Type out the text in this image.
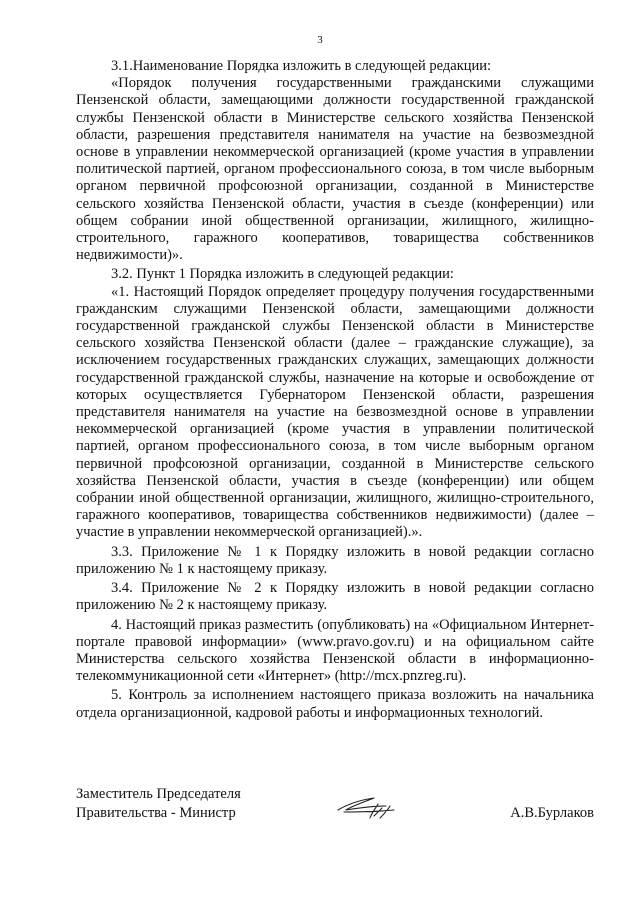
3

3.1.Наименование Порядка изложить в следующей редакции:

«Порядок получения государственными гражданскими служащими Пензенской области, замещающими должности государственной гражданской службы Пензенской области в Министерстве сельского хозяйства Пензенской области, разрешения представителя нанимателя на участие на безвозмездной основе в управлении некоммерческой организацией (кроме участия в управлении политической партией, органом профессионального союза, в том числе выборным органом первичной профсоюзной организации, созданной в Министерстве сельского хозяйства Пензенской области, участия в съезде (конференции) или общем собрании иной общественной организации, жилищного, жилищно-строительного, гаражного кооперативов, товарищества собственников недвижимости)».

3.2. Пункт 1 Порядка изложить в следующей редакции:

«1. Настоящий Порядок определяет процедуру получения государственными гражданским служащими Пензенской области, замещающими должности государственной гражданской службы Пензенской области в Министерстве сельского хозяйства Пензенской области (далее – гражданские служащие), за исключением государственных гражданских служащих, замещающих должности государственной гражданской службы, назначение на которые и освобождение от которых осуществляется Губернатором Пензенской области, разрешения представителя нанимателя на участие на безвозмездной основе в управлении некоммерческой организацией (кроме участия в управлении политической партией, органом профессионального союза, в том числе выборным органом первичной профсоюзной организации, созданной в Министерстве сельского хозяйства Пензенской области, участия в съезде (конференции) или общем собрании иной общественной организации, жилищного, жилищно-строительного, гаражного кооперативов, товарищества собственников недвижимости) (далее – участие в управлении некоммерческой организацией).».

3.3. Приложение № 1 к Порядку изложить в новой редакции согласно приложению № 1 к настоящему приказу.

3.4. Приложение № 2 к Порядку изложить в новой редакции согласно приложению № 2 к настоящему приказу.

4. Настоящий приказ разместить (опубликовать) на «Официальном Интернет-портале правовой информации» (www.pravo.gov.ru) и на официальном сайте Министерства сельского хозяйства Пензенской области в информационно-телекоммуникационной сети «Интернет» (http://mcx.pnzreg.ru).

5. Контроль за исполнением настоящего приказа возложить на начальника отдела организационной, кадровой работы и информационных технологий.

Заместитель Председателя
Правительства - Министр	А.В.Бурлаков
